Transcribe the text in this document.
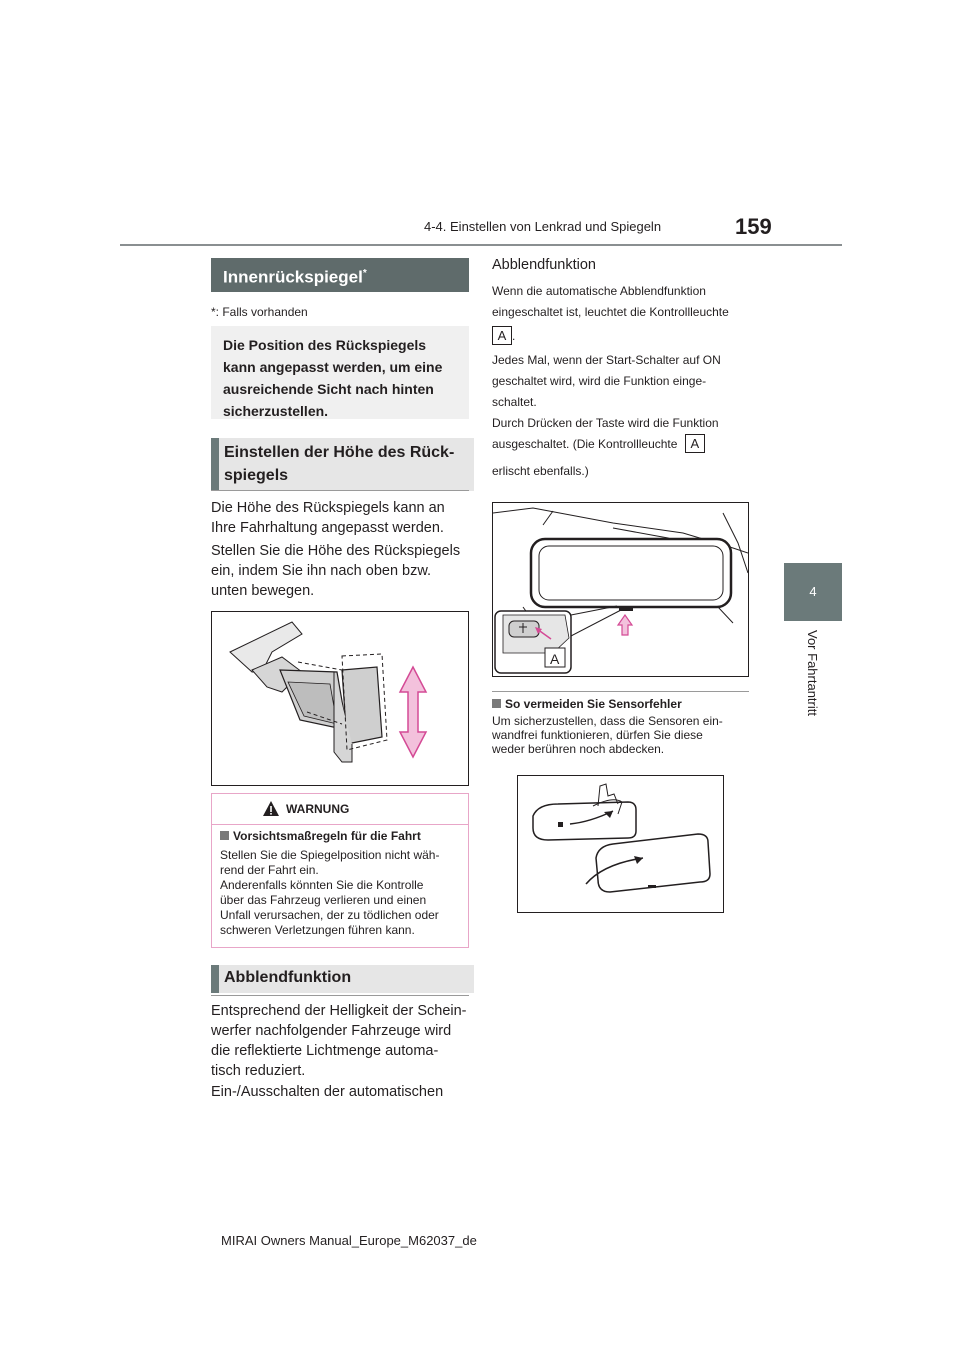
4-4. Einstellen von Lenkrad und Spiegeln	159
4
Vor Fahrtantritt
Innenrückspiegel*
*: Falls vorhanden
Die Position des Rückspiegels
kann angepasst werden, um eine
ausreichende Sicht nach hinten
sicherzustellen.
Einstellen der Höhe des Rück-
spiegels
Die Höhe des Rückspiegels kann an
Ihre Fahrhaltung angepasst werden.
Stellen Sie die Höhe des Rückspiegels
ein, indem Sie ihn nach oben bzw.
unten bewegen.
WARNUNG
Vorsichtsmaßregeln für die Fahrt
Stellen Sie die Spiegelposition nicht wäh-
rend der Fahrt ein.
Anderenfalls könnten Sie die Kontrolle
über das Fahrzeug verlieren und einen
Unfall verursachen, der zu tödlichen oder
schweren Verletzungen führen kann.
Abblendfunktion
Entsprechend der Helligkeit der Schein-
werfer nachfolgender Fahrzeuge wird
die reflektierte Lichtmenge automa-
tisch reduziert.
Ein-/Ausschalten der automatischen
Abblendfunktion
Wenn die automatische Abblendfunktion
eingeschaltet ist, leuchtet die Kontrollleuchte
A .
Jedes Mal, wenn der Start-Schalter auf ON
geschaltet wird, wird die Funktion einge-
schaltet.
Durch Drücken der Taste wird die Funktion
ausgeschaltet. (Die Kontrollleuchte A
erlischt ebenfalls.)
A
So vermeiden Sie Sensorfehler
Um sicherzustellen, dass die Sensoren ein-
wandfrei funktionieren, dürfen Sie diese
weder berühren noch abdecken.
MIRAI Owners Manual_Europe_M62037_de
